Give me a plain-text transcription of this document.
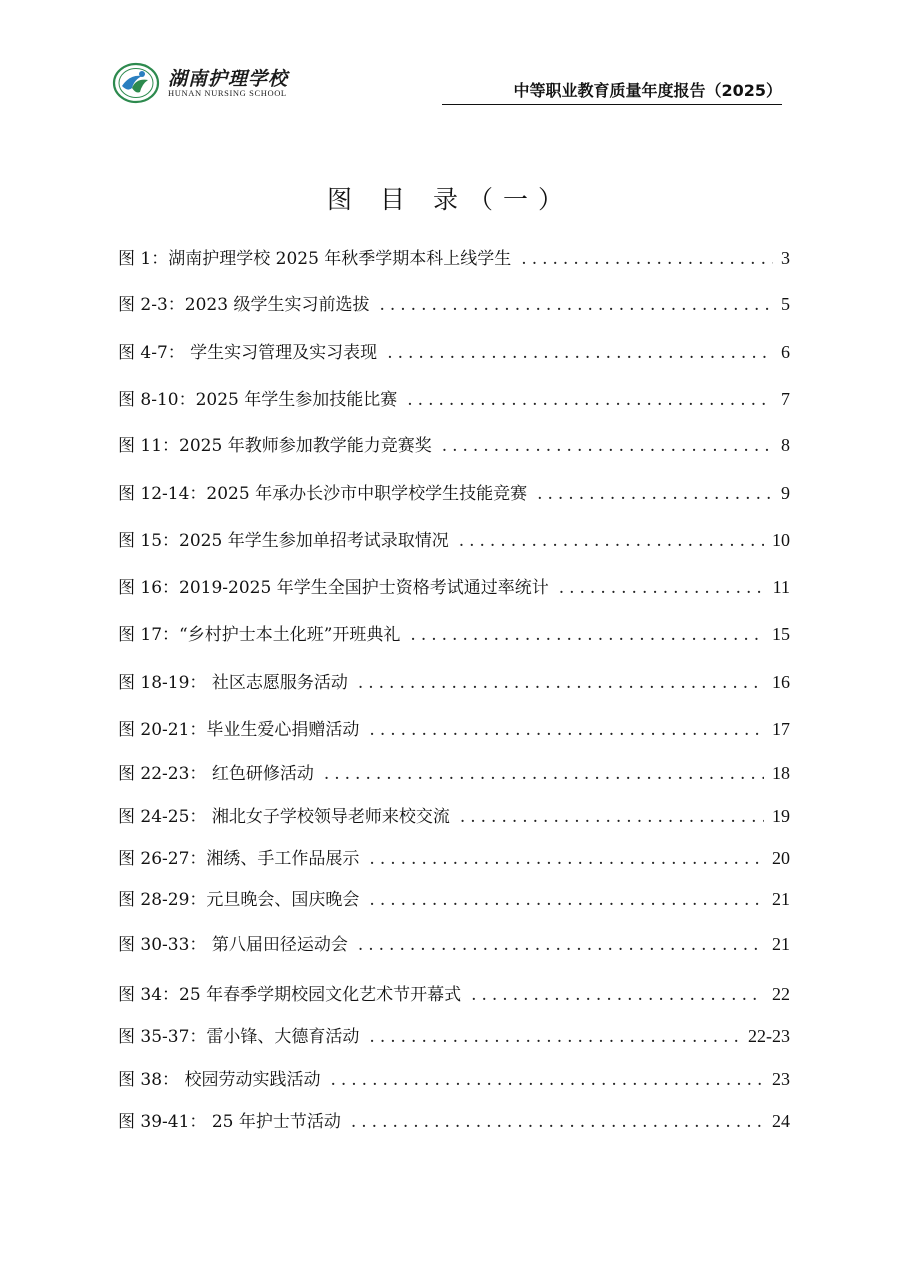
湖南护理学校
HUNAN NURSING SCHOOL	中等职业教育质量年度报告（2025）
图 目 录（一）
图 1：湖南护理学校 2025 年秋季学期本科上线学生 .....	3
图 2-3：2023 级学生实习前选拔 .....	5
图 4-7： 学生实习管理及实习表现 .....	6
图 8-10：2025 年学生参加技能比赛 .....	7
图 11：2025 年教师参加教学能力竞赛奖 .....	8
图 12-14：2025 年承办长沙市中职学校学生技能竞赛 .....	9
图 15：2025 年学生参加单招考试录取情况 .....	10
图 16：2019-2025 年学生全国护士资格考试通过率统计 .....	11
图 17：“乡村护士本土化班”开班典礼 .....	15
图 18-19： 社区志愿服务活动 .....	16
图 20-21：毕业生爱心捐赠活动 .....	17
图 22-23： 红色研修活动 .....	18
图 24-25： 湘北女子学校领导老师来校交流 .....	19
图 26-27：湘绣、手工作品展示 .....	20
图 28-29：元旦晚会、国庆晚会 .....	21
图 30-33： 第八届田径运动会 .....	21
图 34：25 年春季学期校园文化艺术节开幕式 .....	22
图 35-37：雷小锋、大德育活动 .....	22-23
图 38： 校园劳动实践活动 .....	23
图 39-41： 25 年护士节活动 .....	24
